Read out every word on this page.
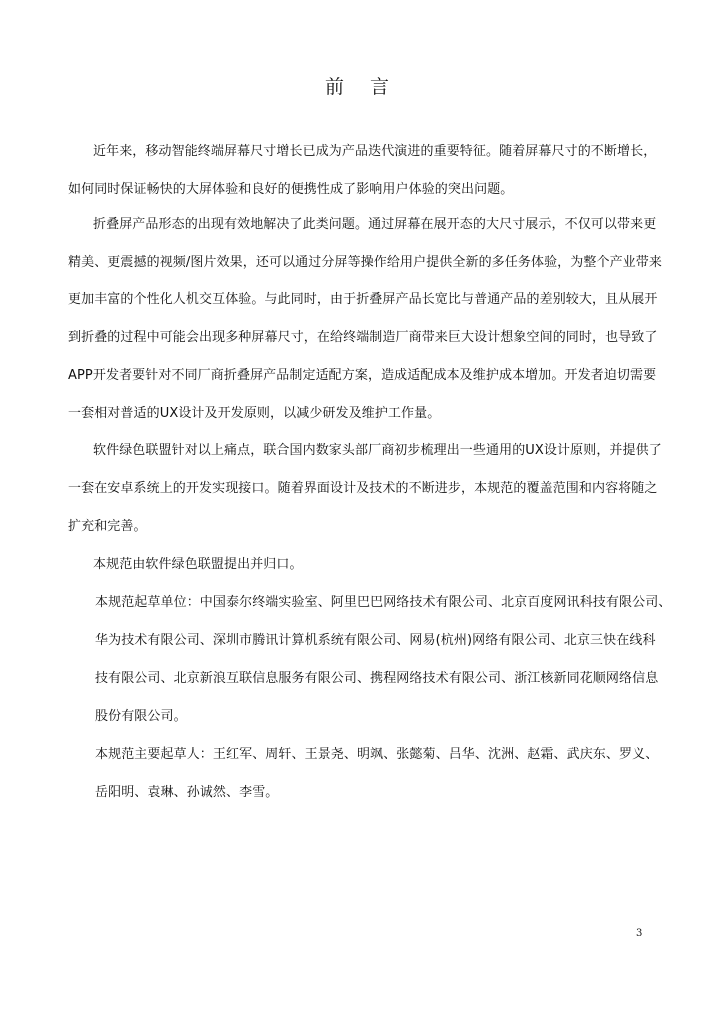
前 言
近年来，移动智能终端屏幕尺寸增长已成为产品迭代演进的重要特征。随着屏幕尺寸的不断增长，
如何同时保证畅快的大屏体验和良好的便携性成了影响用户体验的突出问题。
折叠屏产品形态的出现有效地解决了此类问题。通过屏幕在展开态的大尺寸展示，不仅可以带来更
精美、更震撼的视频/图片效果，还可以通过分屏等操作给用户提供全新的多任务体验，为整个产业带来
更加丰富的个性化人机交互体验。与此同时，由于折叠屏产品长宽比与普通产品的差别较大，且从展开
到折叠的过程中可能会出现多种屏幕尺寸，在给终端制造厂商带来巨大设计想象空间的同时，也导致了
APP开发者要针对不同厂商折叠屏产品制定适配方案，造成适配成本及维护成本增加。开发者迫切需要
一套相对普适的UX设计及开发原则，以减少研发及维护工作量。
软件绿色联盟针对以上痛点，联合国内数家头部厂商初步梳理出一些通用的UX设计原则，并提供了
一套在安卓系统上的开发实现接口。随着界面设计及技术的不断进步，本规范的覆盖范围和内容将随之
扩充和完善。
本规范由软件绿色联盟提出并归口。
本规范起草单位：中国泰尔终端实验室、阿里巴巴网络技术有限公司、北京百度网讯科技有限公司、
华为技术有限公司、深圳市腾讯计算机系统有限公司、网易(杭州)网络有限公司、北京三快在线科
技有限公司、北京新浪互联信息服务有限公司、携程网络技术有限公司、浙江核新同花顺网络信息
股份有限公司。
本规范主要起草人：王红军、周轩、王景尧、明飒、张懿菊、吕华、沈洲、赵霜、武庆东、罗义、
岳阳明、袁琳、孙诚然、李雪。
3
